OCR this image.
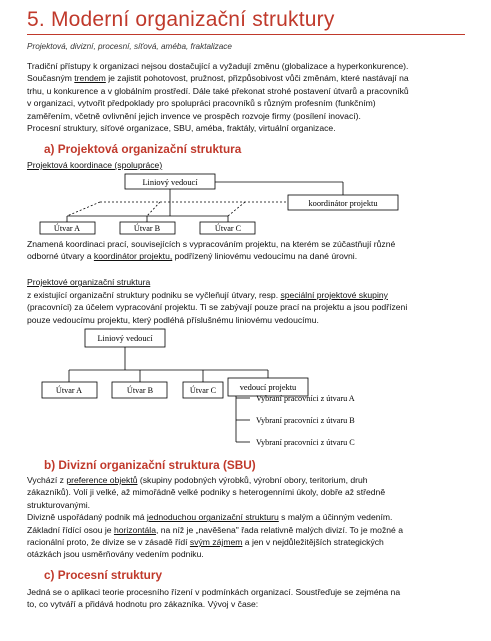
5. Moderní organizační struktury
Projektová, divizní, procesní, síťová, améba, fraktalizace

Tradiční přístupy k organizaci nejsou dostačující a vyžadují změnu (globalizace a hyperkonkurence).

Současným trendem je zajistit pohotovost, pružnost, přizpůsobivost vůči změnám, které nastávají na

trhu, u konkurence a v globálním prostředí. Dále také překonat strohé postavení útvarů a pracovníků

v organizaci, vytvořit předpoklady pro spolupráci pracovníků s různým profesním (funkčním)

zaměřením, včetně ovlivnění jejich invence ve prospěch rozvoje firmy (posílení inovací).

Procesní struktury, síťové organizace, SBU, améba, fraktály, virtuální organizace.

a) Projektová organizační struktura
Projektová koordinace (spolupráce)
Liniový vedoucí
koordinátor projektu
Útvar A	Útvar B	Útvar C

Znamená koordinaci prací, souvisejících s vypracováním projektu, na kterém se zúčastňují různé

odborné útvary a koordinátor projektu, podřízený liniovému vedoucímu na dané úrovni.

Projektové organizační struktura

z existující organizační struktury podniku se vyčleňují útvary, resp. speciální projektové skupiny

(pracovníci) za účelem vypracování projektu. Ti se zabývají pouze prací na projektu a jsou podřízeni

pouze vedoucímu projektu, který podléhá příslušnému liniovému vedoucímu.

Liniový vedoucí
vedoucí projektu
Útvar A	Útvar B	Útvar C
Vybraní pracovníci z útvaru A
Vybraní pracovníci z útvaru B
Vybraní pracovníci z útvaru C
b) Divizní organizační struktura (SBU)

Vychází z preference objektů (skupiny podobných výrobků, výrobní obory, teritorium, druh

zákazníků). Volí ji velké, až mimořádně velké podniky s heterogenními úkoly, dobře až středně

strukturovanými.

Divizně uspořádaný podnik má jednoduchou organizační strukturu s malým a účinným vedením.

Základní řídící osou je horizontála, na níž je „navěšena" řada relativně malých divizí. To je možné a

racionální proto, že divize se v zásadě řídí svým zájmem a jen v nejdůležitějších strategických

otázkách jsou usměrňovány vedením podniku.

c) Procesní struktury

Jedná se o aplikaci teorie procesního řízení v podmínkách organizací. Soustřeďuje se zejména na

to, co vytváří a přidává hodnotu pro zákazníka. Vývoj v čase:
